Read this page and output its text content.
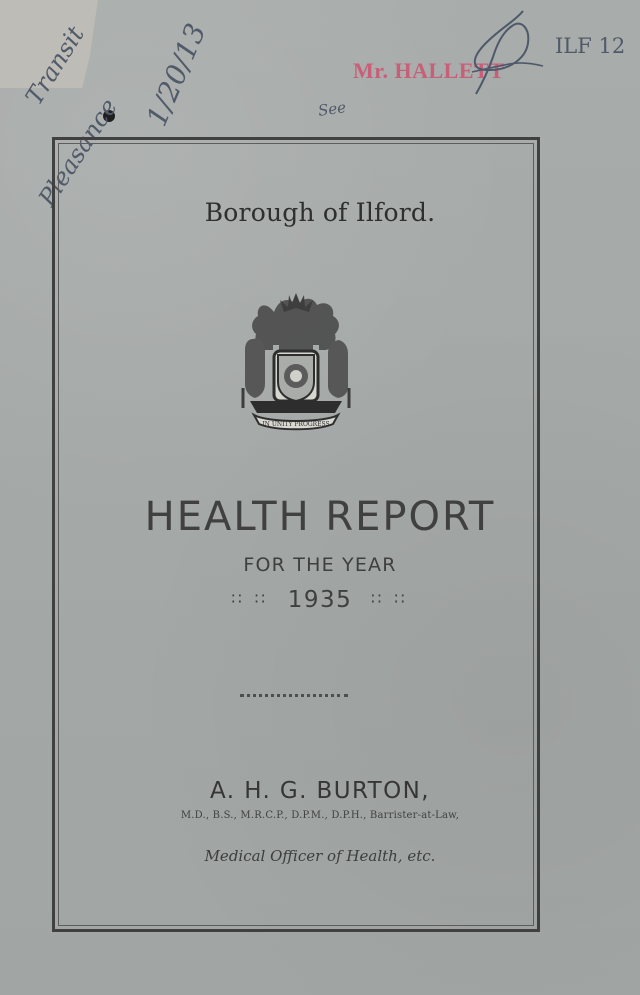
Transit
Pleasance
1/20/13	See
ILF 12
Mr. HALLETT
Borough of Ilford.
IN UNITY PROGRESS
HEALTH REPORT
FOR THE YEAR
∷ ∷ 1935 ∷ ∷
A. H. G. BURTON,
M.D., B.S., M.R.C.P., D.P.M., D.P.H., Barrister-at-Law,
Medical Officer of Health, etc.
